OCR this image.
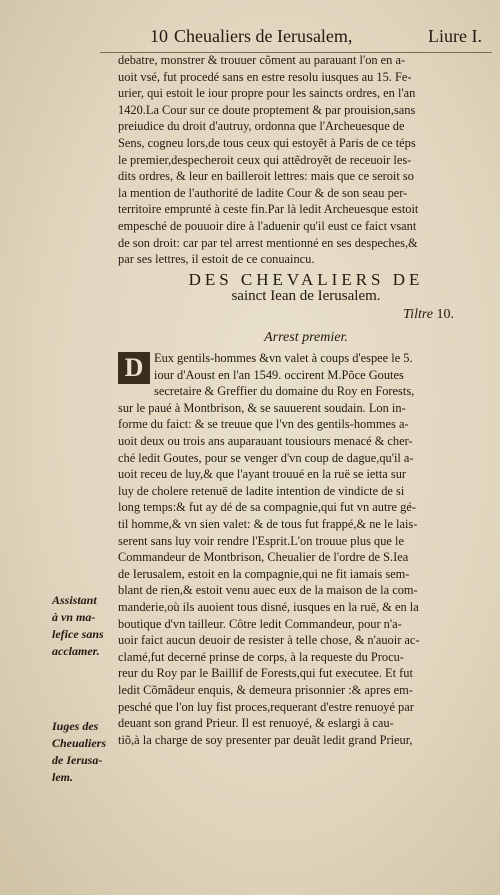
10 Cheualiers de Ierusalem,	Liure I.
Assistant
à vn ma-
lefice sans
acclamer.
Iuges des
Cheualiers
de Ierusa-
lem.
debatre, monstrer & trouuer cõment au parauant l'on en a-
uoit vsé, fut procedé sans en estre resolu iusques au 15. Fe-
urier, qui estoit le iour propre pour les saincts ordres, en l'an
1420.La Cour sur ce doute proptement & par prouision,sans
preiudice du droit d'autruy, ordonna que l'Archeuesque de
Sens, cogneu lors,de tous ceux qui estoyẽt à Paris de ce téps
le premier,despecheroit ceux qui attẽdroyẽt de receuoir les-
dits ordres, & leur en bailleroit lettres: mais que ce seroit so
la mention de l'authorité de ladite Cour & de son seau per-
territoire emprunté à ceste fin.Par là ledit Archeuesque estoit
empesché de pouuoir dire à l'aduenir qu'il eust ce faict vsant
de son droit: car par tel arrest mentionné en ses despeches,&
par ses lettres, il estoit de ce conuaincu.
DES CHEVALIERS DE
sainct Iean de Ierusalem.
Tiltre 10.
Arrest premier.
D Eux gentils-hommes &vn valet à coups d'espee le 5.
iour d'Aoust en l'an 1549. occirent M.Põce Goutes
secretaire & Greffier du domaine du Roy en Forests,
sur le paué à Montbrison, & se sauuerent soudain. Lon in-
forme du faict: & se treuue que l'vn des gentils-hommes a-
uoit deux ou trois ans auparauant tousiours menacé & cher-
ché ledit Goutes, pour se venger d'vn coup de dague,qu'il a-
uoit receu de luy,& que l'ayant trouué en la ruë se ietta sur
luy de cholere retenuë de ladite intention de vindicte de si
long temps:& fut ay dé de sa compagnie,qui fut vn autre gé-
til homme,& vn sien valet: & de tous fut frappé,& ne le lais-
serent sans luy voir rendre l'Esprit.L'on trouue plus que le
Commandeur de Montbrison, Cheualier de l'ordre de S.Iea
de Ierusalem, estoit en la compagnie,qui ne fit iamais sem-
blant de rien,& estoit venu auec eux de la maison de la com-
manderie,où ils auoient tous disné, iusques en la ruë, & en la
boutique d'vn tailleur. Côtre ledit Commandeur, pour n'a-
uoir faict aucun deuoir de resister à telle chose, & n'auoir ac-
clamé,fut decerné prinse de corps, à la requeste du Procu-
reur du Roy par le Baillif de Forests,qui fut executee. Et fut
ledit Cõmãdeur enquis, & demeura prisonnier :& apres em-
pesché que l'on luy fist proces,requerant d'estre renuoyé par
deuant son grand Prieur. Il est renuoyé, & eslargi à cau-
tiõ,à la charge de soy presenter par deuãt ledit grand Prieur,
